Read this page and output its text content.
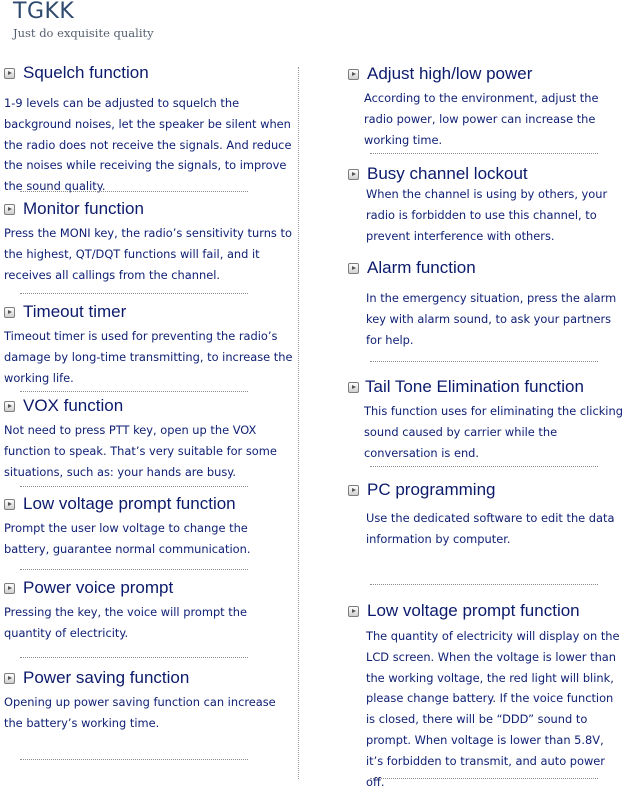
TGKK
Just do exquisite quality
Squelch function

1-9 levels can be adjusted to squelch the background noises, let the speaker be silent when the radio does not receive the signals. And reduce the noises while receiving the signals, to improve the sound quality.

Monitor function

Press the MONI key, the radio’s sensitivity turns to the highest, QT/DQT functions will fail, and it receives all callings from the channel.

Timeout timer

Timeout timer is used for preventing the radio’s damage by long-time transmitting, to increase the working life.

VOX function

Not need to press PTT key, open up the VOX function to speak. That’s very suitable for some situations, such as: your hands are busy.

Low voltage prompt function

Prompt the user low voltage to change the battery, guarantee normal communication.

Power voice prompt

Pressing the key, the voice will prompt the quantity of electricity.

Power saving function

Opening up power saving function can increase the battery’s working time.

Adjust high/low power

According to the environment, adjust the radio power, low power can increase the working time.

Busy channel lockout

When the channel is using by others, your radio is forbidden to use this channel, to prevent interference with others.

Alarm function

In the emergency situation, press the alarm key with alarm sound, to ask your partners for help.

Tail Tone Elimination function

This function uses for eliminating the clicking sound caused by carrier while the conversation is end.

PC programming

Use the dedicated software to edit the data information by computer.

Low voltage prompt function

The quantity of electricity will display on the LCD screen. When the voltage is lower than the working voltage, the red light will blink, please change battery. If the voice function is closed, there will be “DDD” sound to prompt. When voltage is lower than 5.8V, it’s forbidden to transmit, and auto power off.
